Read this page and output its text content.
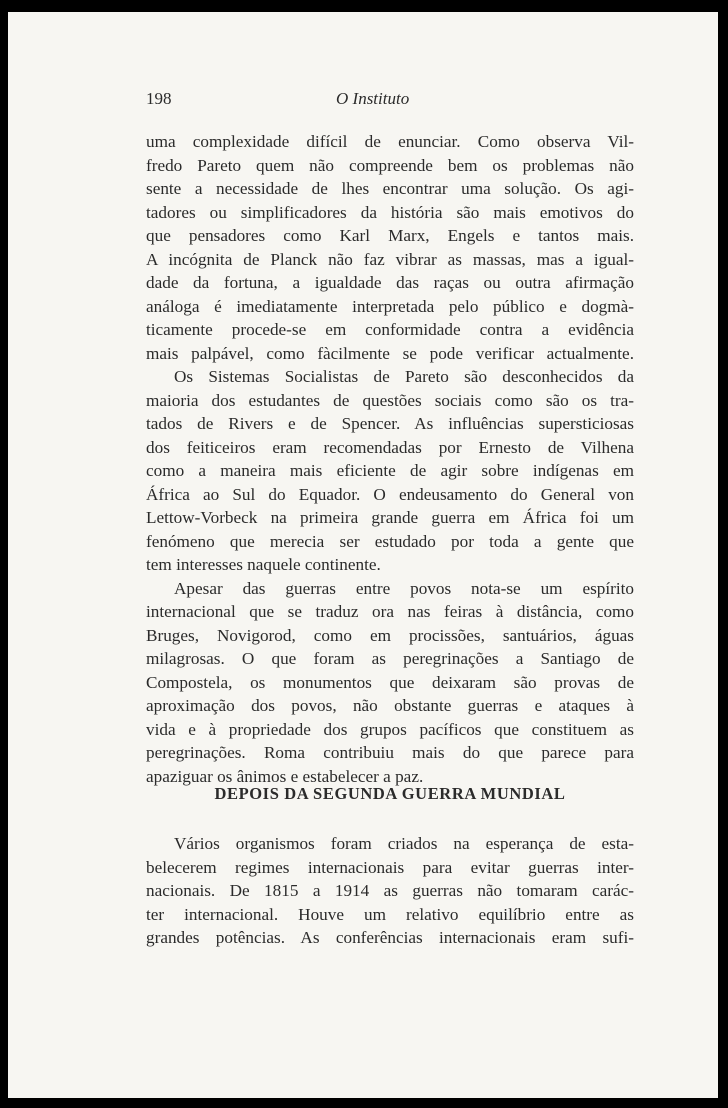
198	O Instituto
uma complexidade difícil de enunciar. Como observa Vil-
fredo Pareto quem não compreende bem os problemas não
sente a necessidade de lhes encontrar uma solução. Os agi-
tadores ou simplificadores da história são mais emotivos do
que pensadores como Karl Marx, Engels e tantos mais.
A incógnita de Planck não faz vibrar as massas, mas a igual-
dade da fortuna, a igualdade das raças ou outra afirmação
análoga é imediatamente interpretada pelo público e dogmà-
ticamente procede-se em conformidade contra a evidência
mais palpável, como fàcilmente se pode verificar actualmente.
Os Sistemas Socialistas de Pareto são desconhecidos da
maioria dos estudantes de questões sociais como são os tra-
tados de Rivers e de Spencer. As influências supersticiosas
dos feiticeiros eram recomendadas por Ernesto de Vilhena
como a maneira mais eficiente de agir sobre indígenas em
África ao Sul do Equador. O endeusamento do General von
Lettow-Vorbeck na primeira grande guerra em África foi um
fenómeno que merecia ser estudado por toda a gente que
tem interesses naquele continente.
Apesar das guerras entre povos nota-se um espírito
internacional que se traduz ora nas feiras à distância, como
Bruges, Novigorod, como em procissões, santuários, águas
milagrosas. O que foram as peregrinações a Santiago de
Compostela, os monumentos que deixaram são provas de
aproximação dos povos, não obstante guerras e ataques à
vida e à propriedade dos grupos pacíficos que constituem as
peregrinações. Roma contribuiu mais do que parece para
apaziguar os ânimos e estabelecer a paz.
DEPOIS DA SEGUNDA GUERRA MUNDIAL
Vários organismos foram criados na esperança de esta-
belecerem regimes internacionais para evitar guerras inter-
nacionais. De 1815 a 1914 as guerras não tomaram carác-
ter internacional. Houve um relativo equilíbrio entre as
grandes potências. As conferências internacionais eram sufi-
